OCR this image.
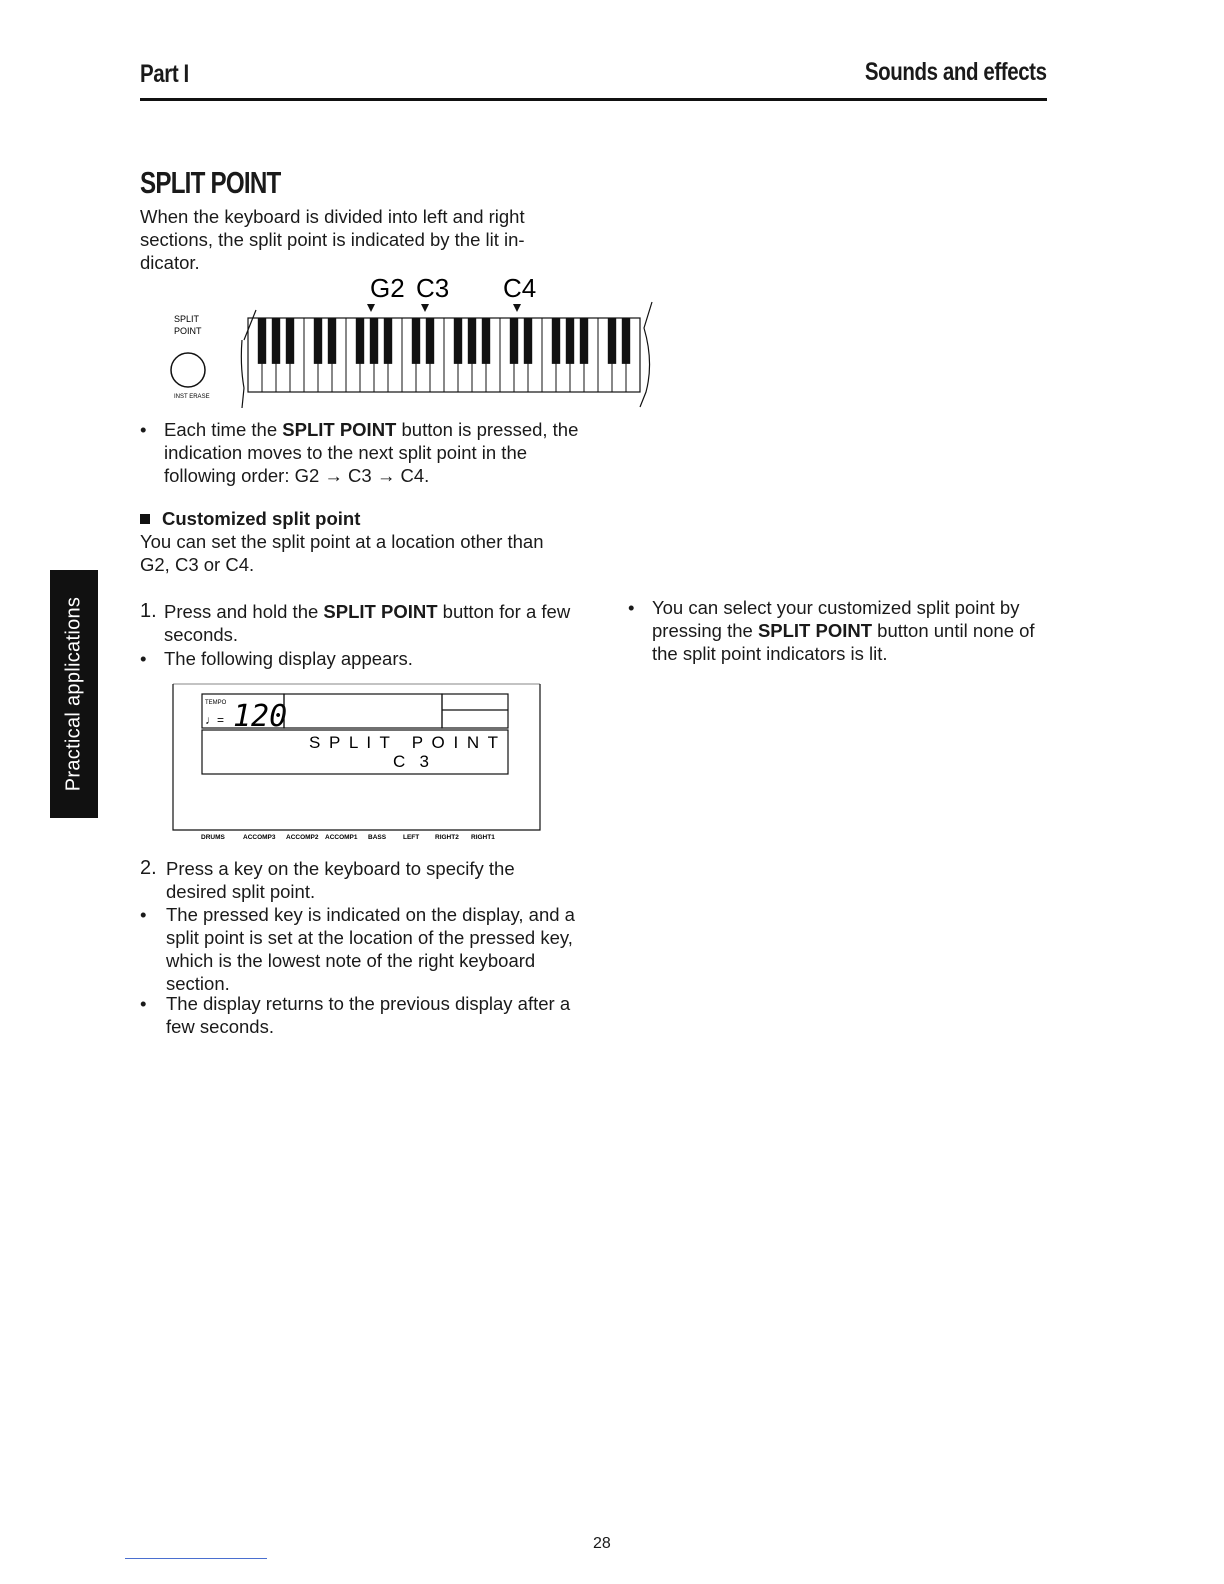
Part I	Sounds and effects
SPLIT POINT
When the keyboard is divided into left and right sections, the split point is indicated by the lit in-dicator.
G2 C3 C4
SPLIT
POINT
INST ERASE
• Each time the SPLIT POINT button is pressed, the indication moves to the next split point in the following order: G2 → C3 → C4.
Customized split point
You can set the split point at a location other than G2, C3 or C4.
1. Press and hold the SPLIT POINT button for a few seconds.
• The following display appears.
TEMPO
♩= 120
S P L I T   P O I N T
C   3
DRUMS	ACCOMP3 ACCOMP2 ACCOMP1 BASS	LEFT RIGHT2 RIGHT1
2. Press a key on the keyboard to specify the desired split point.
• The pressed key is indicated on the display, and a split point is set at the location of the pressed key, which is the lowest note of the right keyboard section.
• The display returns to the previous display after a few seconds.
• You can select your customized split point by pressing the SPLIT POINT button until none of the split point indicators is lit.
Practical applications
28
